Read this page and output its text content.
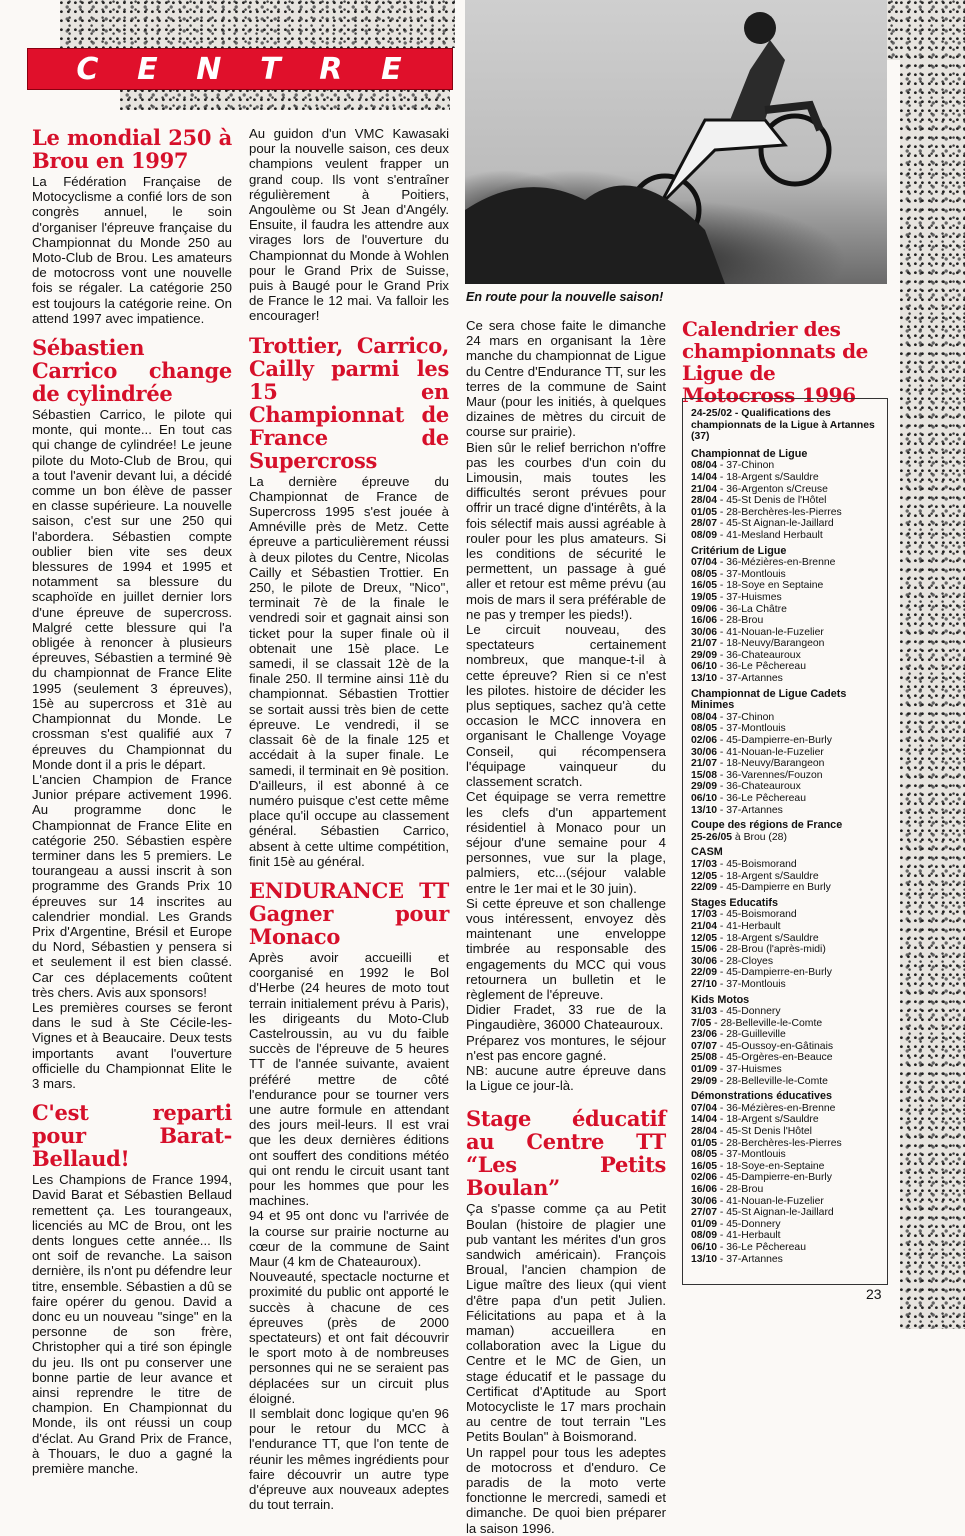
C E N T R E
En route pour la nouvelle saison!
Le mondial 250 à Brou en 1997

La Fédération Française de Motocyclisme a confié lors de son congrès annuel, le soin d'organiser l'épreuve française du Championnat du Monde 250 au Moto-Club de Brou. Les amateurs de motocross vont une nouvelle fois se régaler. La catégorie 250 est toujours la catégorie reine. On attend 1997 avec impatience.

Sébastien Carrico change de cylindrée

Sébastien Carrico, le pilote qui monte, qui monte... En tout cas qui change de cylindrée! Le jeune pilote du Moto-Club de Brou, qui a tout l'avenir devant lui, a décidé comme un bon élève de passer en classe supérieure. La nouvelle saison, c'est sur une 250 qui l'abordera. Sébastien compte oublier bien vite ses deux blessures de 1994 et 1995 et notamment sa blessure du scaphoïde en juillet dernier lors d'une épreuve de supercross. Malgré cette blessure qui l'a obligée à renoncer à plusieurs épreuves, Sébastien a terminé 9è du championnat de France Elite 1995 (seulement 3 épreuves), 15è au supercross et 31è au Championnat du Monde. Le crossman s'est qualifié aux 7 épreuves du Championnat du Monde dont il a pris le départ.

L'ancien Champion de France Junior prépare activement 1996. Au programme donc le Championnat de France Elite en catégorie 250. Sébastien espère terminer dans les 5 premiers. Le tourangeau a aussi inscrit à son programme des Grands Prix 10 épreuves sur 14 inscrites au calendrier mondial. Les Grands Prix d'Argentine, Brésil et Europe du Nord, Sébastien y pensera si et seulement il est bien classé. Car ces déplacements coûtent très chers. Avis aux sponsors!

Les premières courses se feront dans le sud à Ste Cécile-les-Vignes et à Beaucaire. Deux tests importants avant l'ouverture officielle du Championnat Elite le 3 mars.

C'est reparti pour Barat-Bellaud!

Les Champions de France 1994, David Barat et Sébastien Bellaud remettent ça. Les tourangeaux, licenciés au MC de Brou, ont les dents longues cette année... Ils ont soif de revanche. La saison dernière, ils n'ont pu défendre leur titre, ensemble. Sébastien a dû se faire opérer du genou. David a donc eu un nouveau "singe" en la personne de son frère, Christopher qui a tiré son épingle du jeu. Ils ont pu conserver une bonne partie de leur avance et ainsi reprendre le titre de champion. En Championnat du Monde, ils ont réussi un coup d'éclat. Au Grand Prix de France, à Thouars, le duo a gagné la première manche.

Au guidon d'un VMC Kawasaki pour la nouvelle saison, ces deux champions veulent frapper un grand coup. Ils vont s'entraîner régulièrement à Poitiers, Angoulème ou St Jean d'Angély. Ensuite, il faudra les attendre aux virages lors de l'ouverture du Championnat du Monde à Wohlen pour le Grand Prix de Suisse, puis à Baugé pour le Grand Prix de France le 12 mai. Va falloir les encourager!

Trottier, Carrico, Cailly parmi les 15 en Championnat de France de Supercross

La dernière épreuve du Championnat de France de Supercross 1995 s'est jouée à Amnéville près de Metz. Cette épreuve a particulièrement réussi à deux pilotes du Centre, Nicolas Cailly et Sébastien Trottier. En 250, le pilote de Dreux, "Nico", terminait 7è de la finale le vendredi soir et gagnait ainsi son ticket pour la super finale où il obtenait une 15è place. Le samedi, il se classait 12è de la finale 250. Il termine ainsi 11è du championnat. Sébastien Trottier se sortait aussi très bien de cette épreuve. Le vendredi, il se classait 6è de la finale 125 et accédait à la super finale. Le samedi, il terminait en 9è position. D'ailleurs, il est abonné à ce numéro puisque c'est cette même place qu'il occupe au classement général. Sébastien Carrico, absent à cette ultime compétition, finit 15è au général.

ENDURANCE TT Gagner pour Monaco

Après avoir accueilli et coorganisé en 1992 le Bol d'Herbe (24 heures de moto tout terrain initialement prévu à Paris), les dirigeants du Moto-Club Castelroussin, au vu du faible succès de l'épreuve de 5 heures TT de l'année suivante, avaient préféré mettre de côté l'endurance pour se tourner vers une autre formule en attendant des jours meil-leurs. Il est vrai que les deux dernières éditions ont souffert des conditions météo qui ont rendu le circuit usant tant pour les hommes que pour les machines.

94 et 95 ont donc vu l'arrivée de la course sur prairie nocturne au cœur de la commune de Saint Maur (4 km de Chateauroux).

Nouveauté, spectacle nocturne et proximité du public ont apporté le succès à chacune de ces épreuves (près de 2000 spectateurs) et ont fait découvrir le sport moto à de nombreuses personnes qui ne se seraient pas déplacées sur un circuit plus éloigné.

Il semblait donc logique qu'en 96 pour le retour du MCC à l'endurance TT, que l'on tente de réunir les mêmes ingrédients pour faire découvrir un autre type d'épreuve aux nouveaux adeptes du tout terrain.

Ce sera chose faite le dimanche 24 mars en organisant la 1ère manche du championnat de Ligue du Centre d'Endurance TT, sur les terres de la commune de Saint Maur (pour les initiés, à quelques dizaines de mètres du circuit de course sur prairie).

Bien sûr le relief berrichon n'offre pas les courbes d'un coin du Limousin, mais toutes les difficultés seront prévues pour offrir un tracé digne d'intérêts, à la fois sélectif mais aussi agréable à rouler pour les plus amateurs. Si les conditions de sécurité le permettent, un passage à gué aller et retour est même prévu (au mois de mars il sera préférable de ne pas y tremper les pieds!).

Le circuit nouveau, des spectateurs certainement nombreux, que manque-t-il à cette épreuve? Rien si ce n'est les pilotes. histoire de décider les plus septiques, sachez qu'à cette occasion le MCC innovera en organisant le Challenge Voyage Conseil, qui récompensera l'équipage vainqueur du classement scratch.

Cet équipage se verra remettre les clefs d'un appartement résidentiel à Monaco pour un séjour d'une semaine pour 4 personnes, vue sur la plage, palmiers, etc...(séjour valable entre le 1er mai et le 30 juin).

Si cette épreuve et son challenge vous intéressent, envoyez dès maintenant une enveloppe timbrée au responsable des engagements du MCC qui vous retournera un bulletin et le règlement de l'épreuve.

Didier Fradet, 33 rue de la Pingaudière, 36000 Chateauroux.

Préparez vos montures, le séjour n'est pas encore gagné.

NB: aucune autre épreuve dans la Ligue ce jour-là.

Stage éducatif au Centre TT “Les Petits Boulan”

Ça s'passe comme ça au Petit Boulan (histoire de plagier une pub vantant les mérites d'un gros sandwich américain). François Broual, l'ancien champion de Ligue maître des lieux (qui vient d'être papa d'un petit Julien. Félicitations au papa et à la maman) accueillera en collaboration avec la Ligue du Centre et le MC de Gien, un stage éducatif et le passage du Certificat d'Aptitude au Sport Motocycliste le 17 mars prochain au centre de tout terrain "Les Petits Boulan" à Boismorand.

Un rappel pour tous les adeptes de motocross et d'enduro. Ce paradis de la moto verte fonctionne le mercredi, samedi et dimanche. De quoi bien préparer la saison 1996.

Calendrier des championnats de Ligue de Motocross 1996
24-25/02 - Qualifications des championnats de la Ligue à Artannes (37)
Championnat de Ligue
08/04 - 37-Chinon
14/04 - 18-Argent s/Sauldre
21/04 - 36-Argenton s/Creuse
28/04 - 45-St Denis de l'Hôtel
01/05 - 28-Berchères-les-Pierres
28/07 - 45-St Aignan-le-Jaillard
08/09 - 41-Mesland Herbault
Critérium de Ligue
07/04 - 36-Mézières-en-Brenne
08/05 - 37-Montlouis
16/05 - 18-Soye en Septaine
19/05 - 37-Huismes
09/06 - 36-La Châtre
16/06 - 28-Brou
30/06 - 41-Nouan-le-Fuzelier
21/07 - 18-Neuvy/Barangeon
29/09 - 36-Chateauroux
06/10 - 36-Le Pêchereau
13/10 - 37-Artannes
Championnat de Ligue Cadets Minimes
08/04 - 37-Chinon
08/05 - 37-Montlouis
02/06 - 45-Dampierre-en-Burly
30/06 - 41-Nouan-le-Fuzelier
21/07 - 18-Neuvy/Barangeon
15/08 - 36-Varennes/Fouzon
29/09 - 36-Chateauroux
06/10 - 36-Le Pêchereau
13/10 - 37-Artannes
Coupe des régions de France
25-26/05 à Brou (28)
CASM
17/03 - 45-Boismorand
12/05 - 18-Argent s/Sauldre
22/09 - 45-Dampierre en Burly
Stages Educatifs
17/03 - 45-Boismorand
21/04 - 41-Herbault
12/05 - 18-Argent s/Sauldre
15/06 - 28-Brou (l'après-midi)
30/06 - 28-Cloyes
22/09 - 45-Dampierre-en-Burly
27/10 - 37-Montlouis
Kids Motos
31/03 - 45-Donnery
7/05 - 28-Belleville-le-Comte
23/06 - 28-Guilleville
07/07 - 45-Oussoy-en-Gâtinais
25/08 - 45-Orgères-en-Beauce
01/09 - 37-Huismes
29/09 - 28-Belleville-le-Comte
Démonstrations éducatives
07/04 - 36-Mézières-en-Brenne
14/04 - 18-Argent s/Sauldre
28/04 - 45-St Denis l'Hôtel
01/05 - 28-Berchères-les-Pierres
08/05 - 37-Montlouis
16/05 - 18-Soye-en-Septaine
02/06 - 45-Dampierre-en-Burly
16/06 - 28-Brou
30/06 - 41-Nouan-le-Fuzelier
27/07 - 45-St Aignan-le-Jaillard
01/09 - 45-Donnery
08/09 - 41-Herbault
06/10 - 36-Le Pêchereau
13/10 - 37-Artannes
23
